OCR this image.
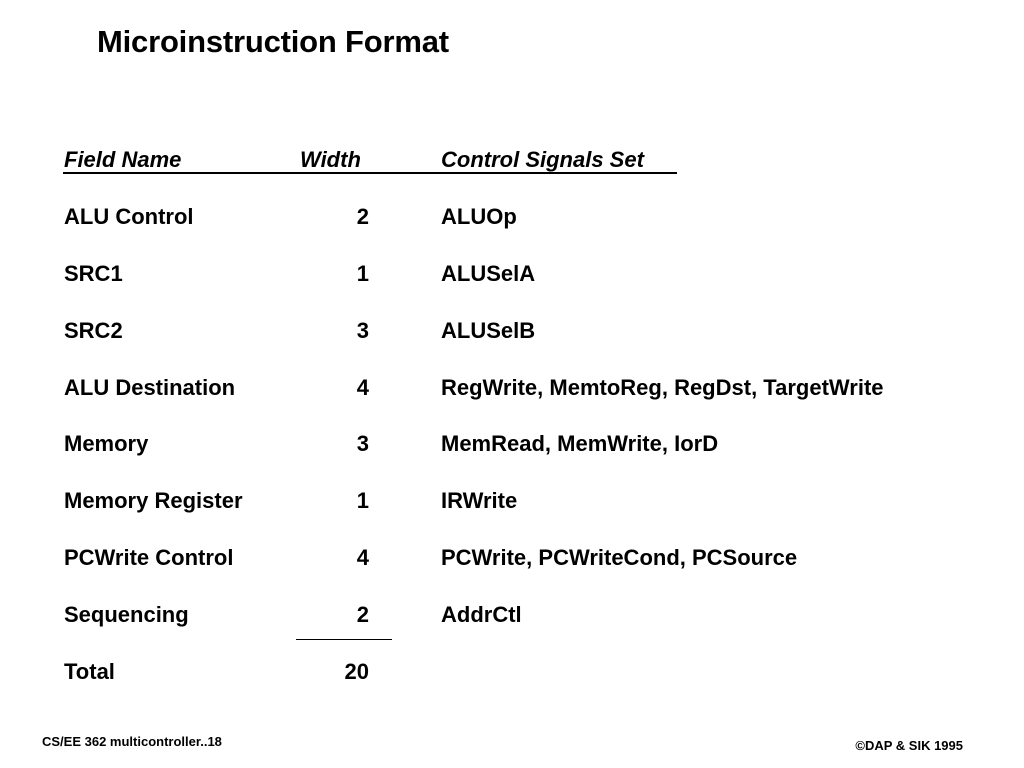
Microinstruction Format
Field Name	Width	Control Signals Set
ALU Control	2	ALUOp
SRC1	1	ALUSelA
SRC2	3	ALUSelB
ALU Destination	4	RegWrite, MemtoReg, RegDst, TargetWrite
Memory	3	MemRead, MemWrite, IorD
Memory Register	1	IRWrite
PCWrite Control	4	PCWrite, PCWriteCond, PCSource
Sequencing	2	AddrCtl
Total	20
CS/EE 362 multicontroller..18	©DAP & SIK 1995
